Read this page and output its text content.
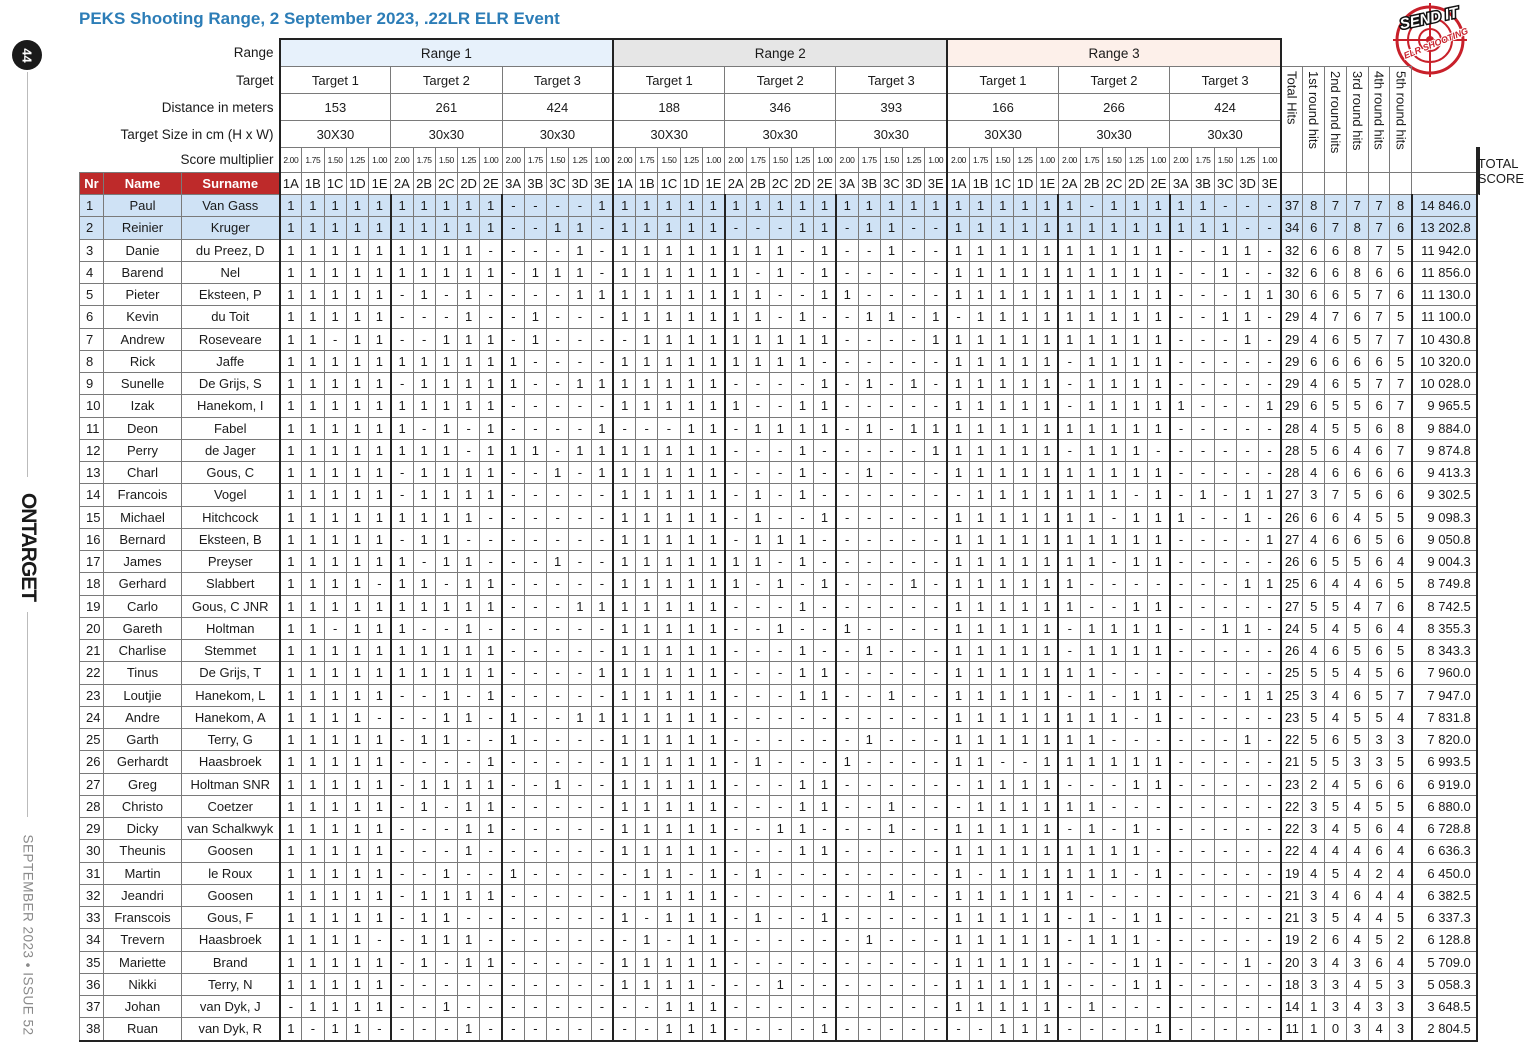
PEKS Shooting Range, 2 September 2023, .22LR ELR Event
44
ONTARGET
SEPTEMBER 2023 • ISSUE 52
SEND IT
ELR SHOOTING
Range			Range 1															Range 2															Range 3																						
Target			Target 1					Target 2					Target 3					Target 1					Target 2					Target 3					Target 1					Target 2					Target 3					Total Hits	1st round hits	2nd round hits	3rd round hits	4th round hits	5th round hits		

Distance in meters			153					261					424					188					346					393					166					266					424												
Target Size in cm (H x W)			30X30					30x30					30x30					30X30					30x30					30x30					30X30					30x30					30x30												
Score multiplier			2.00	1.75	1.50	1.25	1.00	2.00	1.75	1.50	1.25	1.00	2.00	1.75	1.50	1.25	1.00	2.00	1.75	1.50	1.25	1.00	2.00	1.75	1.50	1.25	1.00	2.00	1.75	1.50	1.25	1.00	2.00	1.75	1.50	1.25	1.00	2.00	1.75	1.50	1.25	1.00	2.00	1.75	1.50	1.25	1.00								TOTAL SCORE
Nr	Name	Surname	1A	1B	1C	1D	1E	2A	2B	2C	2D	2E	3A	3B	3C	3D	3E	1A	1B	1C	1D	1E	2A	2B	2C	2D	2E	3A	3B	3C	3D	3E	1A	1B	1C	1D	1E	2A	2B	2C	2D	2E	3A	3B	3C	3D	3E								
1	Paul	Van Gass	1	1	1	1	1	1	1	1	1	1	-	-	-	-	1	1	1	1	1	1	1	1	1	1	1	1	1	1	1	1	1	1	1	1	1	1	-	1	1	1	1	1	-	-	-	37	8	7	7	7	8	14 846.0	
2	Reinier	Kruger	1	1	1	1	1	1	1	1	1	1	-	-	1	1	-	1	1	1	1	1	-	-	-	1	1	-	1	1	-	-	1	1	1	1	1	1	1	1	1	1	1	1	1	-	-	34	6	7	8	7	6	13 202.8	
3	Danie	du Preez, D	1	1	1	1	1	1	1	1	1	-	-	-	-	1	-	1	1	1	1	1	1	1	1	-	1	-	-	1	-	-	1	1	1	1	1	1	1	1	1	1	-	-	1	1	-	32	6	6	8	7	5	11 942.0	
4	Barend	Nel	1	1	1	1	1	1	1	1	1	1	-	1	1	1	-	1	1	1	1	1	1	-	1	-	1	-	-	-	-	-	1	1	1	1	1	1	1	1	1	1	-	-	1	-	-	32	6	6	8	6	6	11 856.0	
5	Pieter	Eksteen, P	1	1	1	1	1	-	1	-	1	-	-	-	-	1	1	1	1	1	1	1	1	1	-	-	1	1	-	-	-	-	1	1	1	1	1	1	1	1	1	1	-	-	-	1	1	30	6	6	5	7	6	11 130.0	
6	Kevin	du Toit	1	1	1	1	1	-	-	-	1	-	-	1	-	-	-	1	1	1	1	1	1	1	-	1	-	-	1	1	-	1	-	1	1	1	1	1	1	1	1	1	-	-	1	1	-	29	4	7	6	7	5	11 100.0	
7	Andrew	Roseveare	1	1	-	1	1	-	-	1	1	1	-	1	-	-	-	-	1	1	1	1	1	1	1	1	1	-	-	-	-	1	1	1	1	1	1	1	1	1	1	1	-	-	-	1	-	29	4	6	5	7	7	10 430.8	
8	Rick	Jaffe	1	1	1	1	1	1	1	1	1	1	1	-	-	-	-	1	1	1	1	1	1	1	1	1	-	-	-	-	-	-	1	1	1	1	1	-	1	1	1	1	-	-	-	-	-	29	6	6	6	6	5	10 320.0	
9	Sunelle	De Grijs, S	1	1	1	1	1	-	1	1	1	1	1	-	-	1	1	1	1	1	1	1	-	-	-	-	1	-	1	-	1	-	1	1	1	1	1	-	1	1	1	1	-	-	-	-	-	29	4	6	5	7	7	10 028.0	
10	Izak	Hanekom, I	1	1	1	1	1	1	1	1	1	1	-	-	-	-	-	1	1	1	1	1	1	-	-	1	1	-	-	-	-	-	1	1	1	1	1	-	1	1	1	1	1	-	-	-	1	29	6	5	5	6	7	9 965.5	
11	Deon	Fabel	1	1	1	1	1	1	-	1	-	1	-	-	-	-	1	-	-	-	1	1	-	1	1	1	1	-	1	-	1	1	1	1	1	1	1	1	1	1	1	1	-	-	-	-	-	28	4	5	5	6	8	9 884.0	
12	Perry	de Jager	1	1	1	1	1	1	1	1	-	1	1	1	-	1	1	1	1	1	1	1	-	-	-	1	-	-	-	-	-	1	1	1	1	1	1	-	1	1	1	-	-	-	-	-	-	28	5	6	4	6	7	9 874.8	
13	Charl	Gous, C	1	1	1	1	1	-	1	1	1	1	-	-	1	-	1	1	1	1	1	1	-	-	-	1	-	-	1	-	-	-	1	1	1	1	1	1	1	1	1	1	-	-	-	-	-	28	4	6	6	6	6	9 413.3	
14	Francois	Vogel	1	1	1	1	1	-	1	1	1	1	-	-	-	-	-	1	1	1	1	1	-	1	-	1	-	-	-	-	-	-	-	1	1	1	1	1	1	1	-	1	-	1	-	1	1	27	3	7	5	6	6	9 302.5	
15	Michael	Hitchcock	1	1	1	1	1	1	1	1	1	-	-	-	-	-	-	1	1	1	1	1	-	1	-	-	1	-	-	-	-	-	1	1	1	1	1	1	1	-	1	1	1	-	-	1	-	26	6	6	4	5	5	9 098.3	
16	Bernard	Eksteen, B	1	1	1	1	1	-	1	1	-	-	-	-	-	-	-	1	1	1	1	1	-	1	1	1	-	-	-	-	-	-	1	1	1	1	1	1	1	1	1	1	-	-	-	-	1	27	4	6	6	5	6	9 050.8	
17	James	Preyser	1	1	1	1	1	1	-	1	1	-	-	-	1	-	-	1	1	1	1	1	1	1	-	1	-	-	-	-	-	-	1	1	1	1	1	1	1	-	1	1	-	-	-	-	-	26	6	5	5	6	4	9 004.3	
18	Gerhard	Slabbert	1	1	1	1	-	1	1	-	1	1	-	-	-	-	-	1	1	1	1	1	1	-	1	-	1	-	-	-	1	-	1	1	1	1	1	1	-	-	-	-	-	-	-	1	1	25	6	4	4	6	5	8 749.8	
19	Carlo	Gous, C JNR	1	1	1	1	1	1	1	1	1	1	-	-	-	1	1	1	1	1	1	1	-	-	-	1	-	-	-	-	-	-	1	1	1	1	1	1	-	-	1	1	-	-	-	-	-	27	5	5	4	7	6	8 742.5	
20	Gareth	Holtman	1	1	-	1	1	1	-	-	1	-	-	-	-	-	-	1	1	1	1	1	-	-	1	-	-	1	-	-	-	-	1	1	1	1	1	-	1	1	1	1	-	-	1	1	-	24	5	4	5	6	4	8 355.3	
21	Charlise	Stemmet	1	1	1	1	1	1	1	1	1	1	-	-	-	-	-	1	1	1	1	1	-	-	-	1	-	-	1	-	-	-	1	1	1	1	1	-	1	1	1	1	-	-	-	-	-	26	4	6	5	6	5	8 343.3	
22	Tinus	De Grijs, T	1	1	1	1	1	1	1	1	1	1	-	-	-	-	1	1	1	1	1	1	-	-	-	1	1	-	-	-	-	-	1	1	1	1	1	1	1	-	-	-	-	-	-	-	-	25	5	5	4	5	6	7 960.0	
23	Loutjie	Hanekom, L	1	1	1	1	1	-	-	1	-	1	-	-	-	-	-	1	1	1	1	1	-	-	-	1	1	-	-	1	-	-	1	1	1	1	1	-	1	-	1	1	-	-	-	1	1	25	3	4	6	5	7	7 947.0	
24	Andre	Hanekom, A	1	1	1	1	-	-	-	1	1	-	1	-	-	1	1	1	1	1	1	1	-	-	-	-	-	-	-	-	-	-	1	1	1	1	1	1	1	1	-	1	-	-	-	-	-	23	5	4	5	5	4	7 831.8	
25	Garth	Terry, G	1	1	1	1	1	-	1	1	-	-	1	-	-	-	-	1	1	1	1	1	-	-	-	-	-	-	1	-	-	-	1	1	1	1	1	1	1	-	-	-	-	-	-	1	-	22	5	6	5	3	3	7 820.0	
26	Gerhardt	Haasbroek	1	1	1	1	1	-	-	-	-	1	-	-	-	-	-	1	1	1	1	1	-	1	-	-	-	1	-	-	-	-	1	1	-	-	1	1	1	1	1	1	-	-	-	-	-	21	5	5	3	3	5	6 993.5	
27	Greg	Holtman SNR	1	1	1	1	1	-	1	1	1	1	-	-	1	-	-	1	1	1	1	1	-	-	-	1	1	-	-	-	-	-	-	1	1	1	1	-	-	-	1	1	-	-	-	-	-	23	2	4	5	6	6	6 919.0	
28	Christo	Coetzer	1	1	1	1	1	-	1	-	1	1	-	-	-	-	-	1	1	1	1	1	-	-	-	1	1	-	-	1	-	-	-	1	1	1	1	1	1	-	-	-	-	-	-	-	-	22	3	5	4	5	5	6 880.0	
29	Dicky	van Schalkwyk	1	1	1	1	1	-	-	-	1	1	-	-	-	-	-	1	1	1	1	1	-	-	1	1	-	-	-	1	-	-	1	1	1	1	1	-	1	-	1	-	-	-	-	-	-	22	3	4	5	6	4	6 728.8	
30	Theunis	Goosen	1	1	1	1	1	-	-	-	1	-	-	-	-	-	-	1	1	1	1	1	-	-	-	1	1	-	-	-	-	-	1	1	1	1	1	1	1	1	1	-	-	-	-	-	-	22	4	4	4	6	4	6 636.3	
31	Martin	le Roux	1	1	1	1	1	-	-	1	-	-	1	-	-	-	-	-	1	1	-	1	-	1	-	-	-	-	-	-	-	-	1	-	1	1	1	1	1	1	-	1	-	-	-	-	-	19	4	5	4	2	4	6 450.0	
32	Jeandri	Goosen	1	1	1	1	1	-	1	1	1	1	-	-	-	-	-	-	1	1	1	1	-	-	-	-	-	-	-	1	-	-	1	1	1	1	1	1	-	-	-	-	-	-	-	-	-	21	3	4	6	4	4	6 382.5	
33	Franscois	Gous, F	1	1	1	1	1	-	1	1	-	-	-	-	-	-	-	1	-	1	1	1	-	1	-	-	1	-	-	-	-	-	1	1	1	1	1	-	1	-	1	1	-	-	-	-	-	21	3	5	4	4	5	6 337.3	
34	Trevern	Haasbroek	1	1	1	1	-	-	1	1	1	-	-	-	-	-	-	-	1	-	1	1	-	-	-	-	-	-	1	-	-	-	1	1	1	1	1	-	1	1	1	-	-	-	-	-	-	19	2	6	4	5	2	6 128.8	
35	Mariette	Brand	1	1	1	1	1	-	1	-	1	1	-	-	-	-	-	1	1	1	1	1	-	-	-	-	-	-	-	-	-	-	1	1	1	1	1	-	-	-	1	1	-	-	-	1	-	20	3	4	3	6	4	5 709.0	
36	Nikki	Terry, N	1	1	1	1	1	-	-	-	-	-	-	-	-	-	-	1	1	1	1	-	-	-	1	-	-	-	-	-	-	-	1	1	1	1	1	-	-	-	1	1	-	-	-	-	-	18	3	3	4	5	3	5 058.3	
37	Johan	van Dyk, J	-	1	1	1	1	-	-	1	-	-	-	-	-	-	-	-	-	1	1	1	-	-	-	-	-	-	-	-	-	-	1	1	1	1	1	-	1	-	-	-	-	-	-	-	-	14	1	3	4	3	3	3 648.5	
38	Ruan	van Dyk, R	1	-	1	1	-	-	-	-	1	-	-	-	-	-	-	-	-	1	1	1	-	-	-	-	1	-	-	-	-	-	-	-	1	1	1	-	-	-	-	1	-	-	-	-	-	11	1	0	3	4	3	2 804.5	
